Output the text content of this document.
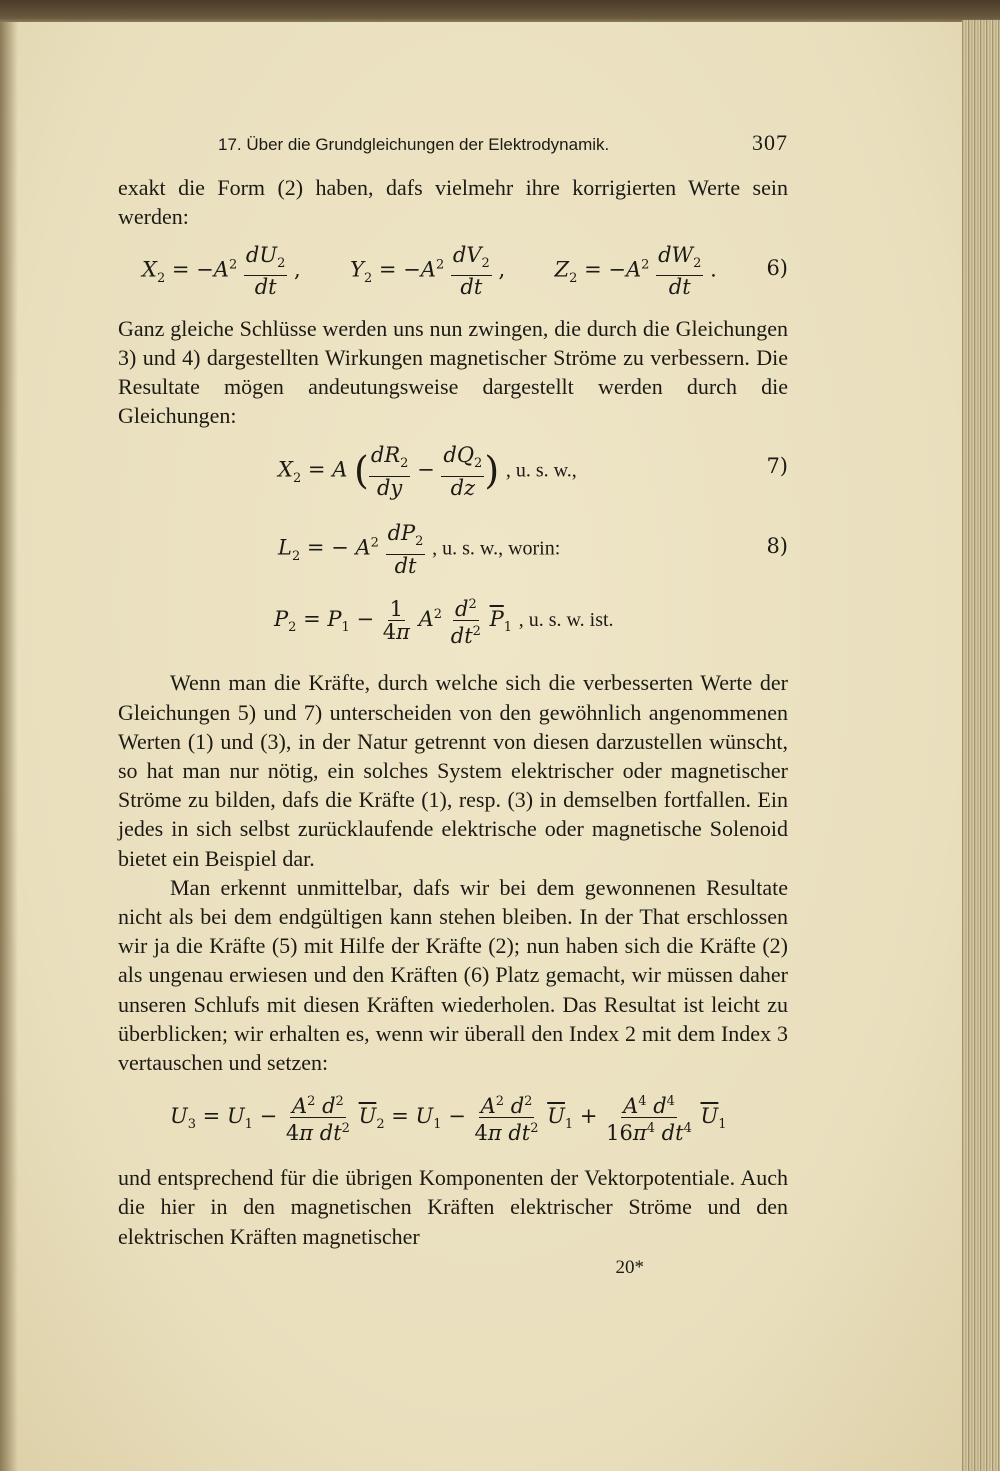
17. Über die Grundgleichungen der Elektrodynamik.	307

exakt die Form (2) haben, dafs vielmehr ihre korrigierten Werte sein werden:

$X_2 = -A^2 \frac{dU_2}{dt}$ ,  $Y_2 = -A^2 \frac{dV_2}{dt}$ ,  $Z_2 = -A^2 \frac{dW_2}{dt}$ . 6)

Ganz gleiche Schlüsse werden uns nun zwingen, die durch die Gleichungen 3) und 4) dargestellten Wirkungen magnetischer Ströme zu verbessern. Die Resultate mögen andeutungsweise dargestellt werden durch die Gleichungen:

$X_2 = A$ ( $\frac{dR_2}{dy} - \frac{dQ_2}{dz}$ ) , u. s. w.,	7)
$L_2$ = − $A^2 \frac{dP_2}{dt}$ , u. s. w., worin:	8)
$P_2 = P_1 - \frac{1}{4\pi} A^2 \frac{d^2}{dt^2} \overline{P}_1$ , u. s. w. ist.

Wenn man die Kräfte, durch welche sich die verbesserten Werte der Gleichungen 5) und 7) unterscheiden von den gewöhnlich angenommenen Werten (1) und (3), in der Natur getrennt von diesen darzustellen wünscht, so hat man nur nötig, ein solches System elektrischer oder magnetischer Ströme zu bilden, dafs die Kräfte (1), resp. (3) in demselben fortfallen. Ein jedes in sich selbst zurücklaufende elektrische oder magnetische Solenoid bietet ein Beispiel dar.

Man erkennt unmittelbar, dafs wir bei dem gewonnenen Resultate nicht als bei dem endgültigen kann stehen bleiben. In der That erschlossen wir ja die Kräfte (5) mit Hilfe der Kräfte (2); nun haben sich die Kräfte (2) als ungenau erwiesen und den Kräften (6) Platz gemacht, wir müssen daher unseren Schlufs mit diesen Kräften wiederholen. Das Resultat ist leicht zu überblicken; wir erhalten es, wenn wir überall den Index 2 mit dem Index 3 vertauschen und setzen:

$U_3 = U_1 - \frac{A^2 d^2}{4\pi dt^2} \overline{U}_2 = U_1 - \frac{A^2 d^2}{4\pi dt^2} \overline{U}_1 + \frac{A^4 d^4}{16\pi^4 dt^4} U_1$

und entsprechend für die übrigen Komponenten der Vektorpotentiale. Auch die hier in den magnetischen Kräften elektrischer Ströme und den elektrischen Kräften magnetischer

20*
